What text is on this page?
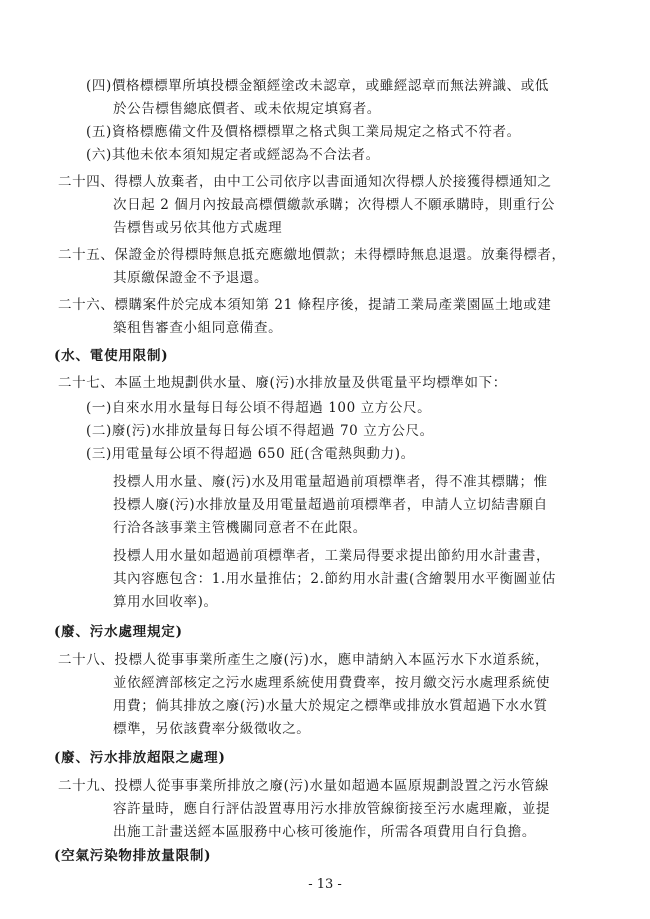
(四)價格標標單所填投標金額經塗改未認章，或雖經認章而無法辨識、或低
於公告標售總底價者、或未依規定填寫者。
(五)資格標應備文件及價格標標單之格式與工業局規定之格式不符者。
(六)其他未依本須知規定者或經認為不合法者。
二十四、得標人放棄者，由中工公司依序以書面通知次得標人於接獲得標通知之
次日起 2 個月內按最高標價繳款承購；次得標人不願承購時，則重行公
告標售或另依其他方式處理
二十五、保證金於得標時無息抵充應繳地價款；未得標時無息退還。放棄得標者，
其原繳保證金不予退還。
二十六、標購案件於完成本須知第 21 條程序後，提請工業局產業園區土地或建
築租售審查小組同意備查。
(水、電使用限制)
二十七、本區土地規劃供水量、廢(污)水排放量及供電量平均標準如下：
(一)自來水用水量每日每公頃不得超過 100 立方公尺。
(二)廢(污)水排放量每日每公頃不得超過 70 立方公尺。
(三)用電量每公頃不得超過 650 瓩(含電熱與動力)。
投標人用水量、廢(污)水及用電量超過前項標準者，得不准其標購；惟
投標人廢(污)水排放量及用電量超過前項標準者，申請人立切結書願自
行洽各該事業主管機關同意者不在此限。
投標人用水量如超過前項標準者，工業局得要求提出節約用水計畫書，
其內容應包含：1.用水量推估；2.節約用水計畫(含繪製用水平衡圖並估
算用水回收率)。
(廢、污水處理規定)
二十八、投標人從事事業所產生之廢(污)水，應申請納入本區污水下水道系統，
並依經濟部核定之污水處理系統使用費費率，按月繳交污水處理系統使
用費；倘其排放之廢(污)水量大於規定之標準或排放水質超過下水水質
標準，另依該費率分級徵收之。
(廢、污水排放超限之處理)
二十九、投標人從事事業所排放之廢(污)水量如超過本區原規劃設置之污水管線
容許量時，應自行評估設置專用污水排放管線銜接至污水處理廠，並提
出施工計畫送經本區服務中心核可後施作，所需各項費用自行負擔。
(空氣污染物排放量限制)
- 13 -
